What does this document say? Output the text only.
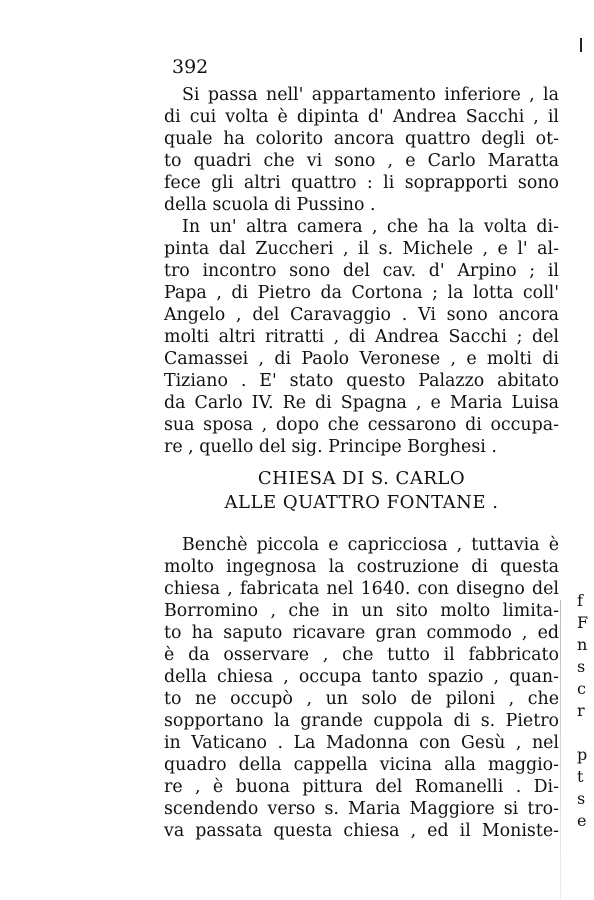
392
Si passa nell' appartamento inferiore , la
di cui volta è dipinta d' Andrea Sacchi , il
quale ha colorito ancora quattro degli ot-
to quadri che vi sono , e Carlo Maratta
fece gli altri quattro : li soprapporti sono
della scuola di Pussino .
In un' altra camera , che ha la volta di-
pinta dal Zuccheri , il s. Michele , e l' al-
tro incontro sono del cav. d' Arpino ; il
Papa , di Pietro da Cortona ; la lotta coll'
Angelo , del Caravaggio . Vi sono ancora
molti altri ritratti , di Andrea Sacchi ; del
Camassei , di Paolo Veronese , e molti di
Tiziano . E' stato questo Palazzo abitato
da Carlo IV. Re di Spagna , e Maria Luisa
sua sposa , dopo che cessarono di occupa-
re , quello del sig. Principe Borghesi .
CHIESA DI S. CARLO
ALLE QUATTRO FONTANE .
Benchè piccola e capricciosa , tuttavia è
molto ingegnosa la costruzione di questa
chiesa , fabricata nel 1640. con disegno del
Borromino , che in un sito molto limita-
to ha saputo ricavare gran commodo , ed
è da osservare , che tutto il fabbricato
della chiesa , occupa tanto spazio , quan-
to ne occupò , un solo de piloni , che
sopportano la grande cuppola di s. Pietro
in Vaticano . La Madonna con Gesù , nel
quadro della cappella vicina alla maggio-
re , è buona pittura del Romanelli . Di-
scendendo verso s. Maria Maggiore si tro-
va passata questa chiesa , ed il Moniste-
f
F
n
s
c
r
p
t
s
e
